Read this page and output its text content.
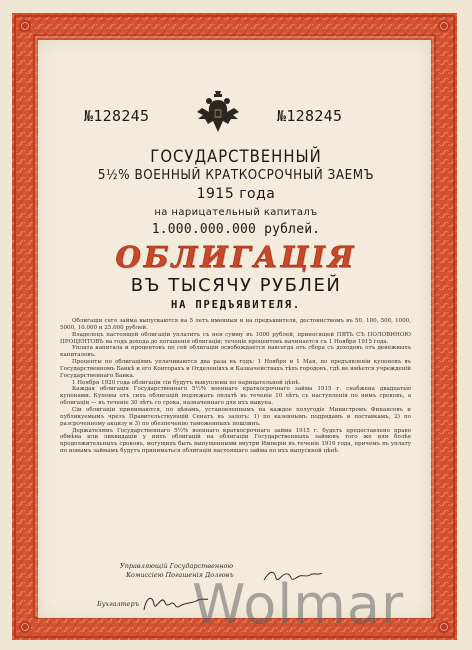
№128245	№128245
ГОСУДАРСТВЕННЫЙ
5½% ВОЕННЫЙ КРАТКОСРОЧНЫЙ ЗАЕМЪ
1915 года
на нарицательный капиталъ
1.000.000.000 рублей.
ОБЛИГАЦІЯ
ВЪ ТЫСЯЧУ РУБЛЕЙ
НА ПРЕДЪЯВИТЕЛЯ.

Облигаціи сего займа выпускаются на 5 летъ именныя и на предъявителя, достоинствомъ въ 50, 100, 500, 1000, 5000, 10.000 и 25.000 рублей.

Владелецъ настоящей облигаціи уплатитъ съ нея сумму въ 1000 рублей, приносящей ПЯТЬ СЪ ПОЛОВИНОЮ ПРОЦЕНТОВЪ на годъ дохода до погашенія облигаціи; теченіе процентовъ начинается съ 1 Ноября 1915 года.

Уплата капитала и процентовъ по сей облигаціи освобождается навсегда отъ сбора съ доходовъ отъ денежныхъ капиталовъ.

Проценты по облигаціямъ уплачиваются два раза въ годъ: 1 Ноября и 1 Мая, по предъявленіи купоновъ въ Государственномъ Банкѣ и его Конторахъ и Отделеніяхъ и Казначействахъ тѣхъ городовъ, гдѣ не имѣется учрежденій Государственнаго Банка.

1 Ноября 1920 года облигаціи сіи будутъ выкуплены по нарицательной цѣнѣ.

Каждая облигація Государственнаго 5½% военнаго краткосрочнаго займа 1915 г. снабжена двадцатью купонами. Купоны отъ сихъ облигацій подлежатъ оплатѣ въ теченіе 10 лѣтъ съ наступленія по нимъ сроковъ, а облигаціи — въ теченіе 30 лѣтъ со срока, назначеннаго для ихъ выкупа.

Сіи облигаціи принимаются, по цѣнамъ, установленнымъ на каждое полугодіе Министромъ Финансовъ и публикуемымъ чрезъ Правительствующій Сенатъ въ залогъ: 1) по казеннымъ подрядамъ и поставкамъ, 2) по разсроченному акцизу и 3) по обезпеченію таможенныхъ пошлинъ.

Держателямъ Государственнаго 5½% военнаго краткосрочнаго займа 1915 г. будетъ предоставлено право обмѣна или ликвидаціи у нихъ облигацій на облигаціи Государственныхъ займовъ того же или болѣе продолжительныхъ сроковъ, могущихъ быть выпущенными внутри Имперіи въ теченіе 1916 года, причемъ въ уплату по новымъ займамъ будутъ приниматься облигаціи настоящаго займа по ихъ выпускной цѣнѣ.

Управляющій Государственною
Комиссіею Погашенія Долговъ
Бухгалтеръ Wolmar
